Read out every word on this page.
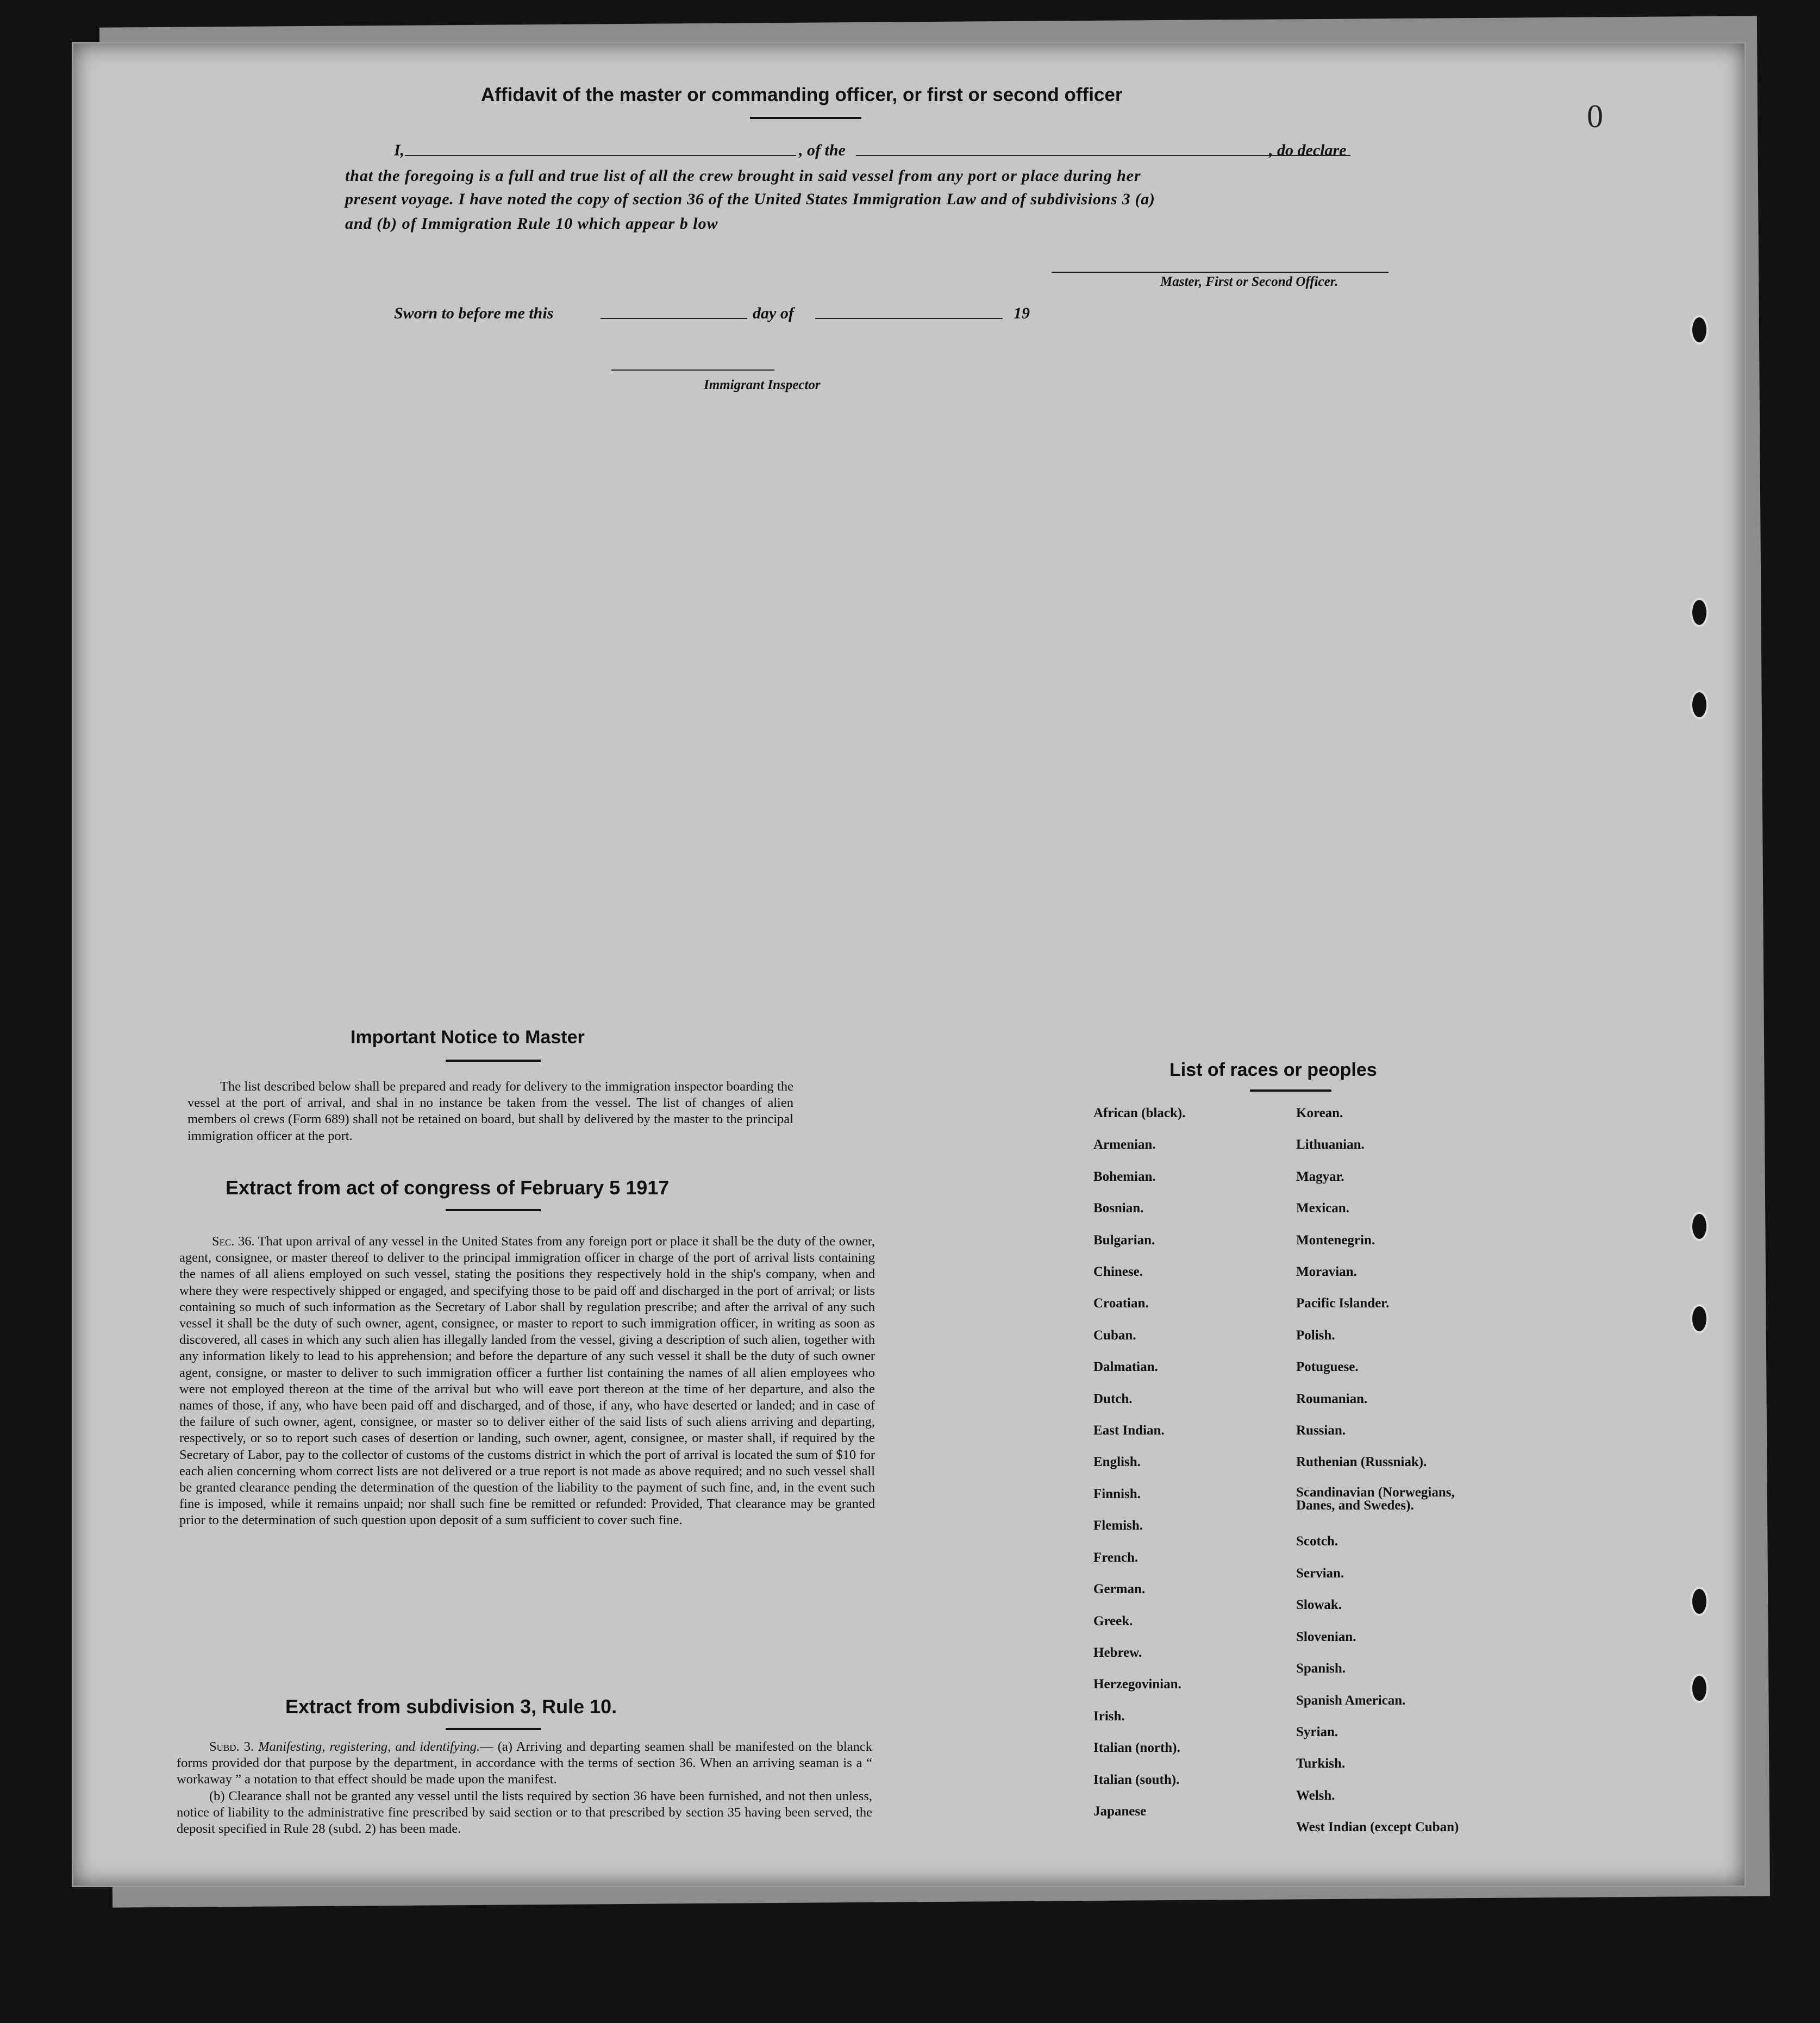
Affidavit of the master or commanding officer, or first or second officer
I,	, of the	, do declare
that the foregoing is a full and true list of all the crew brought in said vessel from any port or place during her
present voyage. I have noted the copy of section 36 of the United States Immigration Law and of subdivisions 3 (a)
and (b) of Immigration Rule 10 which appear b low
Master, First or Second Officer.
Sworn to before me this	day of	19
Immigrant Inspector
Important Notice to Master

The list described below shall be prepared and ready for delivery to the immigration inspector boarding the vessel at the port of arrival, and shal in no instance be taken from the vessel. The list of changes of alien members ol crews (Form 689) shall not be retained on board, but shall by delivered by the master to the principal immigration officer at the port.

Extract from act of congress of February 5 1917

Sec. 36. That upon arrival of any vessel in the United States from any foreign port or place it shall be the duty of the owner, agent, consignee, or master thereof to deliver to the principal immigration officer in charge of the port of arrival lists containing the names of all aliens employed on such vessel, stating the positions they respectively hold in the ship's company, when and where they were respectively shipped or engaged, and specifying those to be paid off and discharged in the port of arrival; or lists containing so much of such information as the Secretary of Labor shall by regulation prescribe; and after the arrival of any such vessel it shall be the duty of such owner, agent, consignee, or master to report to such immigration officer, in writing as soon as discovered, all cases in which any such alien has illegally landed from the vessel, giving a description of such alien, together with any information likely to lead to his apprehension; and before the departure of any such vessel it shall be the duty of such owner agent, consigne, or master to deliver to such immigration officer a further list containing the names of all alien employees who were not employed thereon at the time of the arrival but who will eave port thereon at the time of her departure, and also the names of those, if any, who have been paid off and discharged, and of those, if any, who have deserted or landed; and in case of the failure of such owner, agent, consignee, or master so to deliver either of the said lists of such aliens arriving and departing, respectively, or so to report such cases of desertion or landing, such owner, agent, consignee, or master shall, if required by the Secretary of Labor, pay to the collector of customs of the customs district in which the port of arrival is located the sum of $10 for each alien concerning whom correct lists are not delivered or a true report is not made as above required; and no such vessel shall be granted clearance pending the determination of the question of the liability to the payment of such fine, and, in the event such fine is imposed, while it remains unpaid; nor shall such fine be remitted or refunded: Provided, That clearance may be granted prior to the determination of such question upon deposit of a sum sufficient to cover such fine.

Extract from subdivision 3, Rule 10.

Subd. 3. Manifesting, registering, and identifying.— (a) Arriving and departing seamen shall be manifested on the blanck forms provided dor that purpose by the department, in accordance with the terms of section 36. When an arriving seaman is a “ workaway ” a notation to that effect should be made upon the manifest.

(b) Clearance shall not be granted any vessel until the lists required by section 36 have been furnished, and not then unless, notice of liability to the administrative fine prescribed by said section or to that prescribed by section 35 having been served, the deposit specified in Rule 28 (subd. 2) has been made.

List of races or peoples
African (black).
Armenian.
Bohemian.
Bosnian.
Bulgarian.
Chinese.
Croatian.
Cuban.
Dalmatian.
Dutch.
East Indian.
English.
Finnish.
Flemish.
French.
German.
Greek.
Hebrew.
Herzegovinian.
Irish.
Italian (north).
Italian (south).
Japanese
Korean.
Lithuanian.
Magyar.
Mexican.
Montenegrin.
Moravian.
Pacific Islander.
Polish.
Potuguese.
Roumanian.
Russian.
Ruthenian (Russniak).
Scandinavian (Norwegians, Danes, and Swedes).
Scotch.
Servian.
Slowak.
Slovenian.
Spanish.
Spanish American.
Syrian.
Turkish.
Welsh.
West Indian (except Cuban)
0
